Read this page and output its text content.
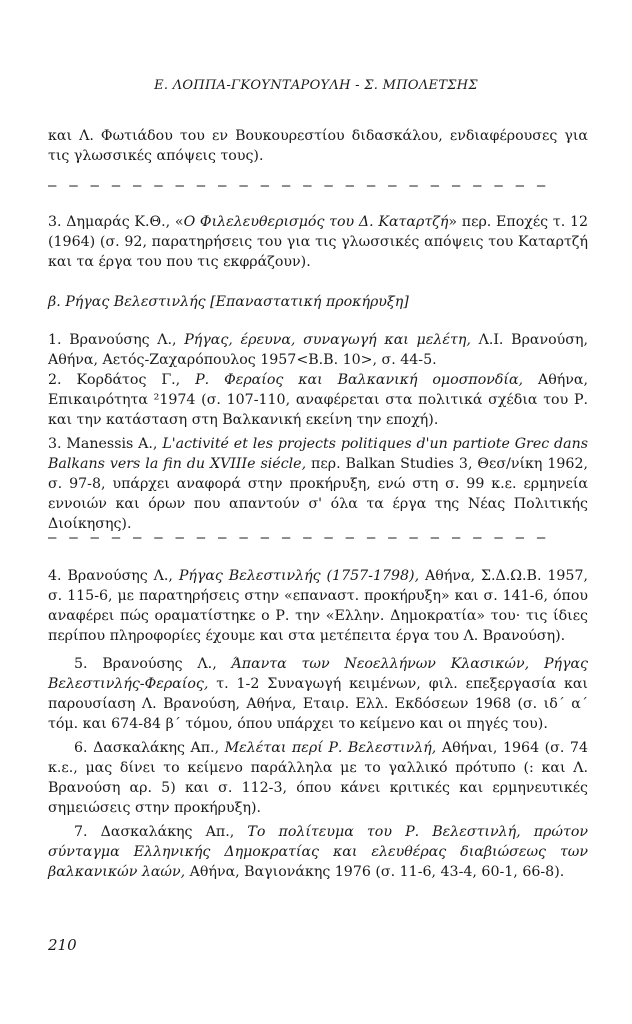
Ε. ΛΟΠΠΑ-ΓΚΟΥΝΤΑΡΟΥΛΗ - Σ. ΜΠΟΛΕΤΣΗΣ
και Λ. Φωτιάδου του εν Βουκουρεστίου διδασκάλου, ενδιαφέρουσες για τις γλωσσικές απόψεις τους).
— — — — — — — — — — — — — — — — — — — — — — — —
3. Δημαράς Κ.Θ., «Ο Φιλελευθερισμός του Δ. Καταρτζή» περ. Εποχές τ. 12 (1964) (σ. 92, παρατηρήσεις του για τις γλωσσικές απόψεις του Καταρτζή και τα έργα του που τις εκφράζουν).
β. Ρήγας Βελεστινλής [Επαναστατική προκήρυξη]
1. Βρανούσης Λ., Ρήγας, έρευνα, συναγωγή και μελέτη, Λ.Ι. Βρανούση, Αθήνα, Αετός-Ζαχαρόπουλος 1957<Β.Β. 10>, σ. 44-5.
2. Κορδάτος Γ., Ρ. Φεραίος και Βαλκανική ομοσπονδία, Αθήνα, Επικαιρότητα ²1974 (σ. 107-110, αναφέρεται στα πολιτικά σχέδια του Ρ. και την κατάσταση στη Βαλκανική εκείνη την εποχή).
3. Manessis A., L'activité et les projects politiques d'un partiote Grec dans Balkans vers la fin du XVIIIe siécle, περ. Balkan Studies 3, Θεσ/νίκη 1962, σ. 97-8, υπάρχει αναφορά στην προκήρυξη, ενώ στη σ. 99 κ.ε. ερμηνεία εννοιών και όρων που απαντούν σ' όλα τα έργα της Νέας Πολιτικής Διοίκησης).
— — — — — — — — — — — — — — — — — — — — — — — —
4. Βρανούσης Λ., Ρήγας Βελεστινλής (1757-1798), Αθήνα, Σ.Δ.Ω.Β. 1957, σ. 115-6, με παρατηρήσεις στην «επαναστ. προκήρυξη» και σ. 141-6, όπου αναφέρει πώς οραματίστηκε ο Ρ. την «Ελλην. Δημοκρατία» του· τις ίδιες περίπου πληροφορίες έχουμε και στα μετέπειτα έργα του Λ. Βρανούση).
5. Βρανούσης Λ., Άπαντα των Νεοελλήνων Κλασικών, Ρήγας Βελεστινλής-Φεραίος, τ. 1-2 Συναγωγή κειμένων, φιλ. επεξεργασία και παρουσίαση Λ. Βρανούση, Αθήνα, Εταιρ. Ελλ. Εκδόσεων 1968 (σ. ιδ΄ α΄ τόμ. και 674-84 β΄ τόμου, όπου υπάρχει το κείμενο και οι πηγές του).
6. Δασκαλάκης Απ., Μελέται περί Ρ. Βελεστινλή, Αθήναι, 1964 (σ. 74 κ.ε., μας δίνει το κείμενο παράλληλα με το γαλλικό πρότυπο (: και Λ. Βρανούση αρ. 5) και σ. 112-3, όπου κάνει κριτικές και ερμηνευτικές σημειώσεις στην προκήρυξη).
7. Δασκαλάκης Απ., Το πολίτευμα του Ρ. Βελεστινλή, πρώτον σύνταγμα Ελληνικής Δημοκρατίας και ελευθέρας διαβιώσεως των βαλκανικών λαών, Αθήνα, Βαγιονάκης 1976 (σ. 11-6, 43-4, 60-1, 66-8).
210
